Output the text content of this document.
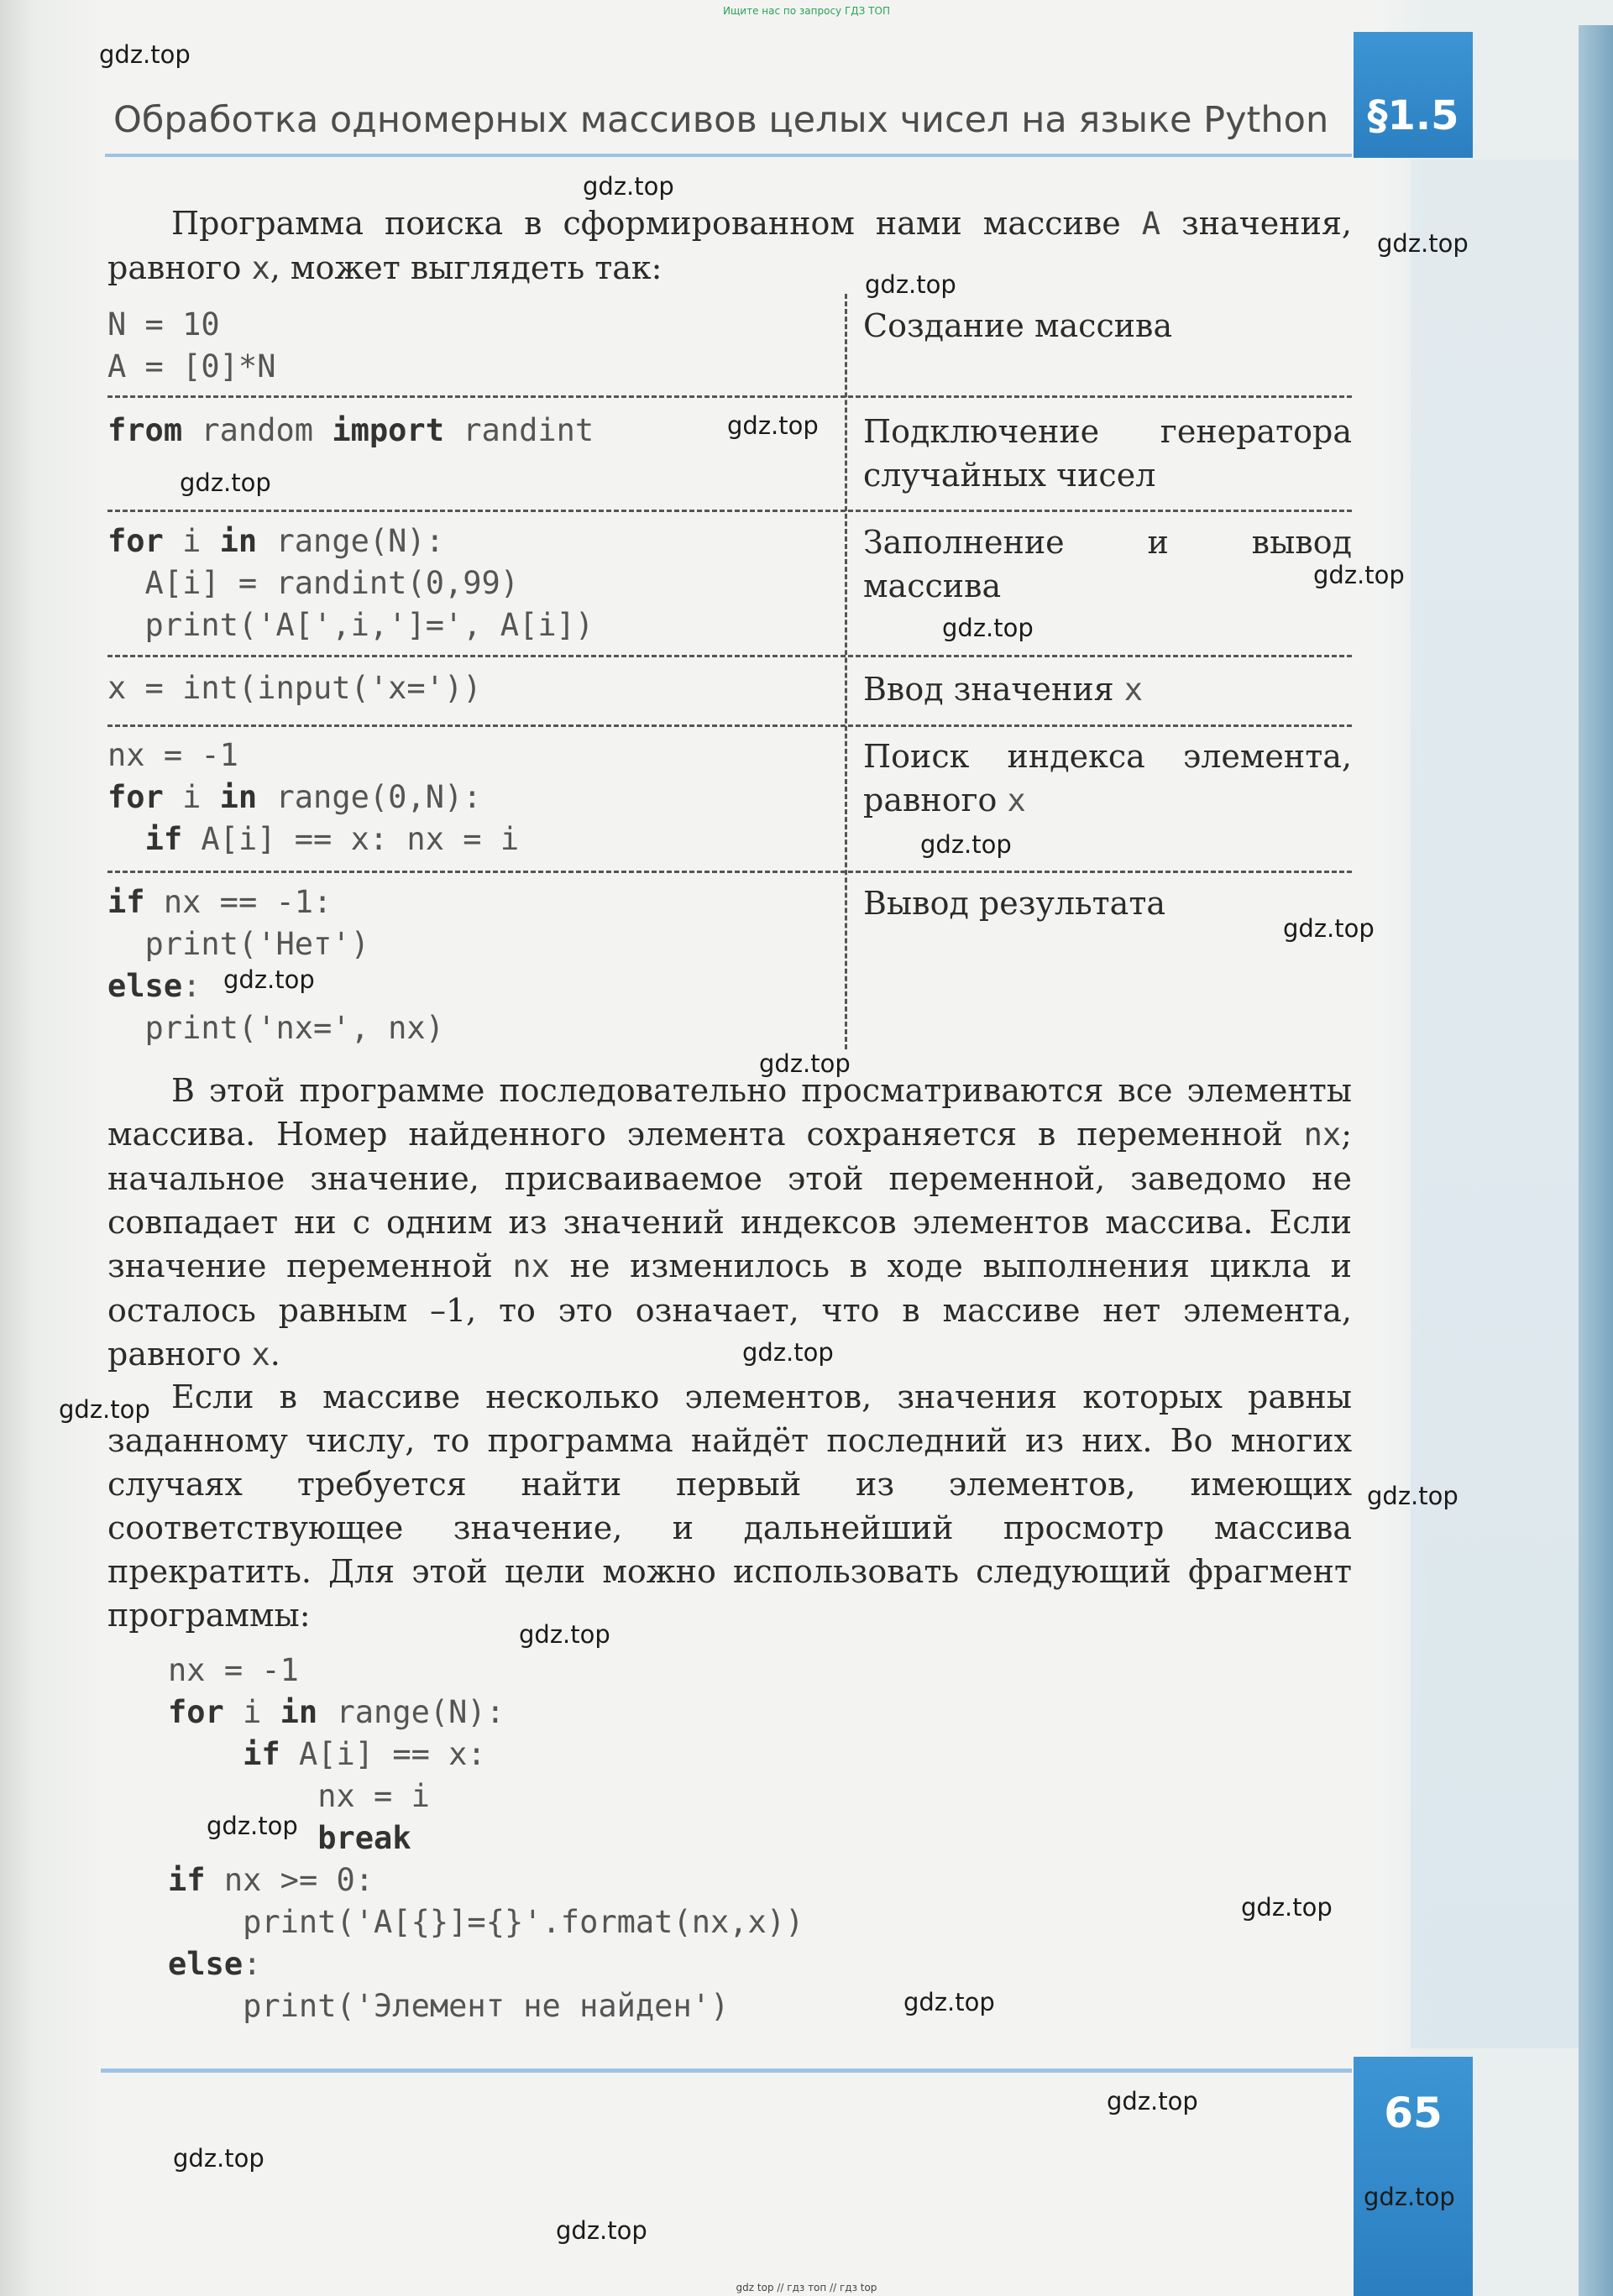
Ищите нас по запросу ГДЗ ТОП
Обработка одномерных массивов целых чисел на языке Python §1.5
Программа поиска в сформированном нами массиве A значения, равного x, может выглядеть так:
N = 10
A = [0]*N
Создание массива
from random import randint	Подключение генератора случайных чисел
for i in range(N):
A[i] = randint(0,99)
print('A[',i,']=', A[i])
Заполнение и вывод массива
x = int(input('x='))	Ввод значения x
nx = -1
for i in range(0,N):
if A[i] == x: nx = i
Поиск индекса элемента, равного x
if nx == -1:
print('Нет')
else:
print('nx=', nx)
Вывод результата
В этой программе последовательно просматриваются все элементы массива. Номер найденного элемента сохраняется в переменной nx; начальное значение, присваиваемое этой переменной, заведомо не совпадает ни с одним из значений индексов элементов массива. Если значение переменной nx не изменилось в ходе выполнения цикла и осталось равным –1, то это означает, что в массиве нет элемента, равного x.
Если в массиве несколько элементов, значения которых равны заданному числу, то программа найдёт последний из них. Во многих случаях требуется найти первый из элементов, имеющих соответствующее значение, и дальнейший просмотр массива прекратить. Для этой цели можно использовать следующий фрагмент программы:
nx = -1
for i in range(N):
if A[i] == x:
nx = i
break
if nx >= 0:
print('A[{}]={}'.format(nx,x))
else:
print('Элемент не найден')
65
gdz top // гдз топ // гдз top
gdz.top
gdz.top
gdz.top
gdz.top
gdz.top
gdz.top
gdz.top
gdz.top
gdz.top
gdz.top
gdz.top
gdz.top
gdz.top
gdz.top
gdz.top
gdz.top
gdz.top
gdz.top
gdz.top
gdz.top
gdz.top
gdz.top
gdz.top
